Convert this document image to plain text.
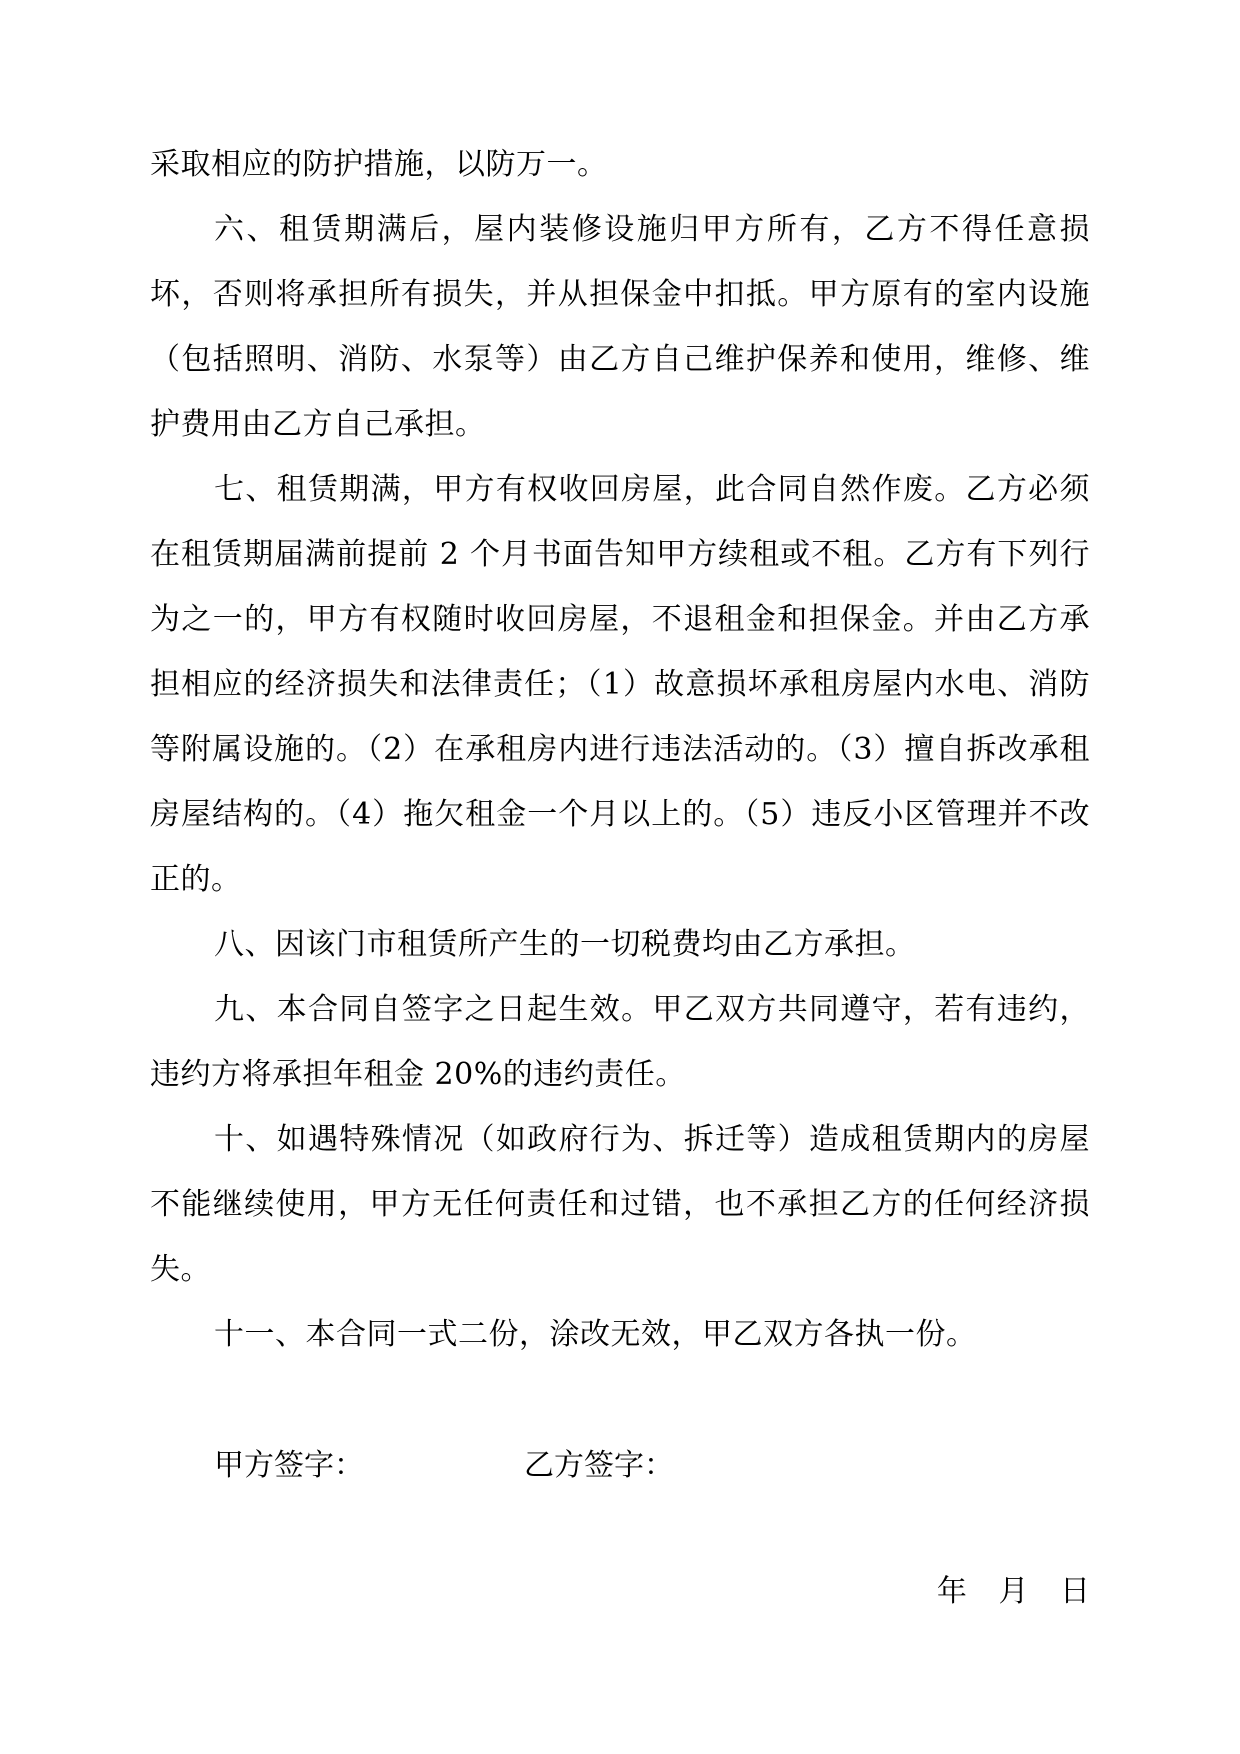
采取相应的防护措施，以防万一。

六、租赁期满后，屋内装修设施归甲方所有，乙方不得任意损坏，否则将承担所有损失，并从担保金中扣抵。甲方原有的室内设施（包括照明、消防、水泵等）由乙方自己维护保养和使用，维修、维护费用由乙方自己承担。

七、租赁期满，甲方有权收回房屋，此合同自然作废。乙方必须在租赁期届满前提前 2 个月书面告知甲方续租或不租。乙方有下列行为之一的，甲方有权随时收回房屋，不退租金和担保金。并由乙方承担相应的经济损失和法律责任；（1）故意损坏承租房屋内水电、消防等附属设施的。（2）在承租房内进行违法活动的。（3）擅自拆改承租房屋结构的。（4）拖欠租金一个月以上的。（5）违反小区管理并不改正的。

八、因该门市租赁所产生的一切税费均由乙方承担。

九、本合同自签字之日起生效。甲乙双方共同遵守，若有违约，违约方将承担年租金 20%的违约责任。

十、如遇特殊情况（如政府行为、拆迁等）造成租赁期内的房屋不能继续使用，甲方无任何责任和过错，也不承担乙方的任何经济损失。

十一、本合同一式二份，涂改无效，甲乙双方各执一份。

甲方签字：	乙方签字：
年 月 日
